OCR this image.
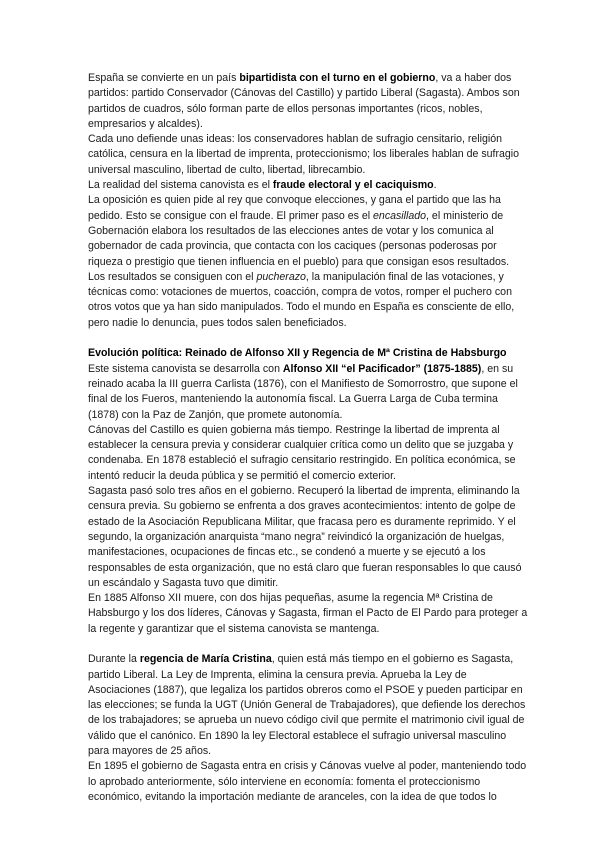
España se convierte en un país bipartidista con el turno en el gobierno, va a haber dos partidos: partido Conservador (Cánovas del Castillo) y partido Liberal (Sagasta). Ambos son partidos de cuadros, sólo forman parte de ellos personas importantes (ricos, nobles, empresarios y alcaldes).

Cada uno defiende unas ideas: los conservadores hablan de sufragio censitario, religión católica, censura en la libertad de imprenta, proteccionismo; los liberales hablan de sufragio universal masculino, libertad de culto, libertad, librecambio.

La realidad del sistema canovista es el fraude electoral y el caciquismo.

La oposición es quien pide al rey que convoque elecciones, y gana el partido que las ha pedido. Esto se consigue con el fraude. El primer paso es el encasillado, el ministerio de Gobernación elabora los resultados de las elecciones antes de votar y los comunica al gobernador de cada provincia, que contacta con los caciques (personas poderosas por riqueza o prestigio que tienen influencia en el pueblo) para que consigan esos resultados. Los resultados se consiguen con el pucherazo, la manipulación final de las votaciones, y técnicas como: votaciones de muertos, coacción, compra de votos, romper el puchero con otros votos que ya han sido manipulados. Todo el mundo en España es consciente de ello, pero nadie lo denuncia, pues todos salen beneficiados.

Evolución política: Reinado de Alfonso XII y Regencia de Mª Cristina de Habsburgo

Este sistema canovista se desarrolla con Alfonso XII “el Pacificador” (1875-1885), en su reinado acaba la III guerra Carlista (1876), con el Manifiesto de Somorrostro, que supone el final de los Fueros, manteniendo la autonomía fiscal. La Guerra Larga de Cuba termina (1878) con la Paz de Zanjón, que promete autonomía.

Cánovas del Castillo es quien gobierna más tiempo. Restringe la libertad de imprenta al establecer la censura previa y considerar cualquier crítica como un delito que se juzgaba y condenaba. En 1878 estableció el sufragio censitario restringido. En política económica, se intentó reducir la deuda pública y se permitió el comercio exterior.

Sagasta pasó solo tres años en el gobierno. Recuperó la libertad de imprenta, eliminando la censura previa. Su gobierno se enfrenta a dos graves acontecimientos: intento de golpe de estado de la Asociación Republicana Militar, que fracasa pero es duramente reprimido. Y el segundo, la organización anarquista “mano negra” reivindicó la organización de huelgas, manifestaciones, ocupaciones de fincas etc., se condenó a muerte y se ejecutó a los responsables de esta organización, que no está claro que fueran responsables lo que causó un escándalo y Sagasta tuvo que dimitir.

En 1885 Alfonso XII muere, con dos hijas pequeñas, asume la regencia Mª Cristina de Habsburgo y los dos líderes, Cánovas y Sagasta, firman el Pacto de El Pardo para proteger a la regente y garantizar que el sistema canovista se mantenga.

Durante la regencia de María Cristina, quien está más tiempo en el gobierno es Sagasta, partido Liberal. La Ley de Imprenta, elimina la censura previa. Aprueba la Ley de Asociaciones (1887), que legaliza los partidos obreros como el PSOE y pueden participar en las elecciones; se funda la UGT (Unión General de Trabajadores), que defiende los derechos de los trabajadores; se aprueba un nuevo código civil que permite el matrimonio civil igual de válido que el canónico. En 1890 la ley Electoral establece el sufragio universal masculino para mayores de 25 años.

En 1895 el gobierno de Sagasta entra en crisis y Cánovas vuelve al poder, manteniendo todo lo aprobado anteriormente, sólo interviene en economía: fomenta el proteccionismo económico, evitando la importación mediante de aranceles, con la idea de que todos lo
